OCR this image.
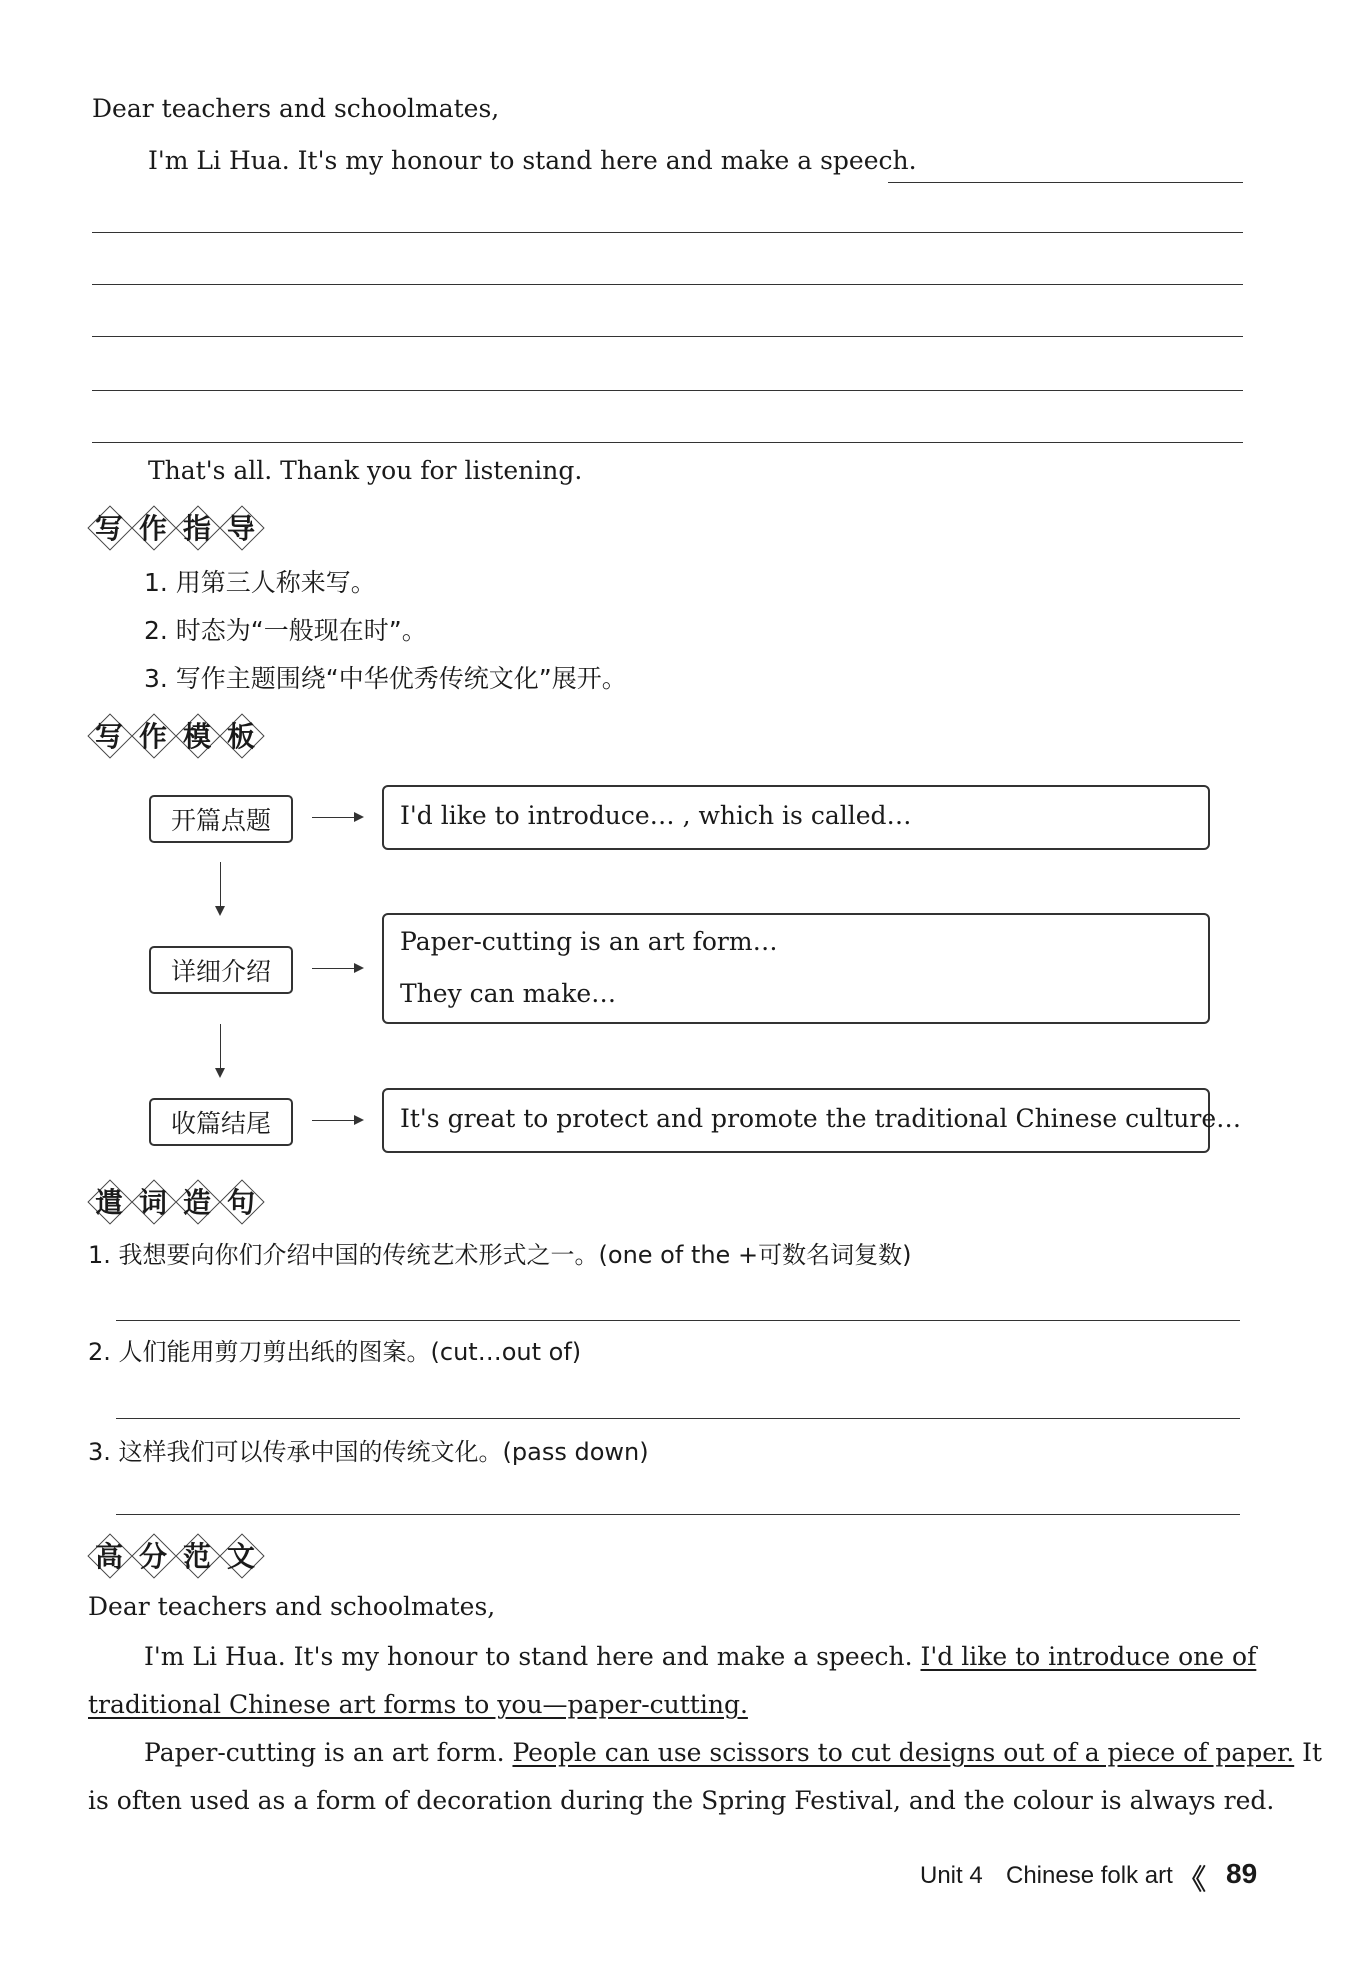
Dear teachers and schoolmates,
I'm Li Hua. It's my honour to stand here and make a speech.
That's all. Thank you for listening.
写 作 指 导
1. 用第三人称来写。
2. 时态为“一般现在时”。
3. 写作主题围绕“中华优秀传统文化”展开。
写 作 模 板
开篇点题	I'd like to introduce… , which is called…
详细介绍
Paper-cutting is an art form…
They can make…
收篇结尾	It's great to protect and promote the traditional Chinese culture…
遣 词 造 句
1. 我想要向你们介绍中国的传统艺术形式之一。(one of the +可数名词复数)
2. 人们能用剪刀剪出纸的图案。(cut…out of)
3. 这样我们可以传承中国的传统文化。(pass down)
高 分 范 文
Dear teachers and schoolmates,
I'm Li Hua. It's my honour to stand here and make a speech. I'd like to introduce one of
traditional Chinese art forms to you—paper-cutting.
Paper-cutting is an art form. People can use scissors to cut designs out of a piece of paper. It
is often used as a form of decoration during the Spring Festival, and the colour is always red.
Unit 4 Chinese folk art 《 89
